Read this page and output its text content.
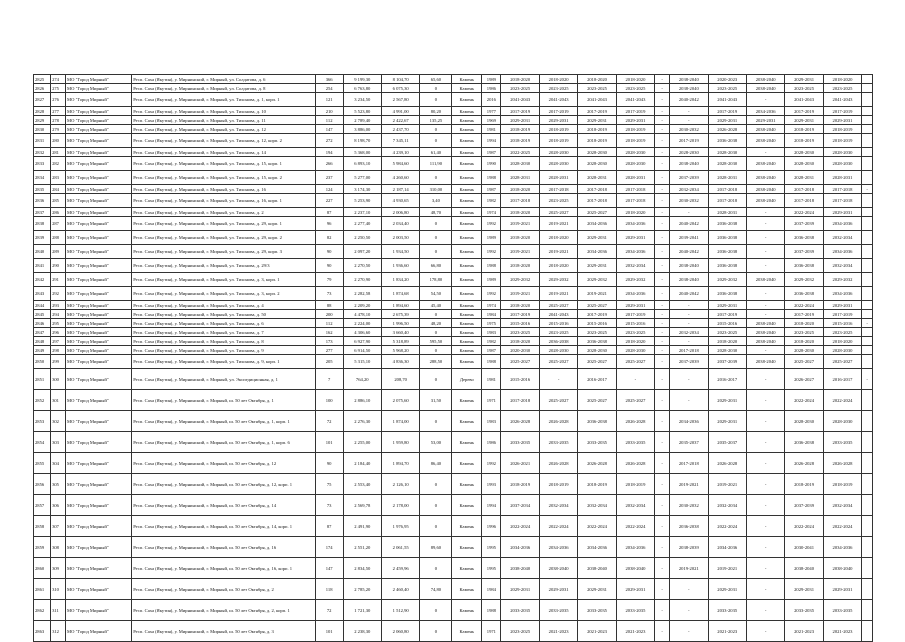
2825	274	МО "Город Мирный"	Респ. Саха (Якутия), у. Мирнинский, г. Мирный, ул. Солдатова, д. 6	366	9 199,30	8 104,70	65,60	Камень	1989	2018-2020	2018-2020	2018-2020	2018-2020	-	2038-2040	2020-2023	2038-2040	2029-2031	2018-2020	
2826	275	МО "Город Мирный"	Респ. Саха (Якутия), у. Мирнинский, г. Мирный, ул. Солдатова, д. 8	254	6 763,80	6 075,30	0	Камень	1986	2023-2025	2023-2025	2023-2025	2023-2025	-	2038-2040	2023-2025	2038-2040	2023-2025	2023-2025	
2827	276	МО "Город Мирный"	Респ. Саха (Якутия), у. Мирнинский, г. Мирный, ул. Тихонова, д. 1, корп. 1	121	3 234,50	2 567,80	0	Камень	2016	2041-2043	2041-2043	2041-2043	2041-2043	-	2040-2042	2041-2043	-	2041-2043	2041-2043	
2828	277	МО "Город Мирный"	Респ. Саха (Якутия), у. Мирнинский, г. Мирный, ул. Тихонова, д. 10	210	5 523,80	4 991,00	80,20	Камень	1977	2017-2019	2017-2019	2017-2019	2017-2019	-	-	2017-2019	2034-2036	2017-2019	2017-2019	
2829	278	МО "Город Мирный"	Респ. Саха (Якутия), у. Мирнинский, г. Мирный, ул. Тихонова, д. 11	112	2 789,40	2 422,67	135,25	Камень	1969	2029-2031	2029-2031	2029-2031	2029-2031	-	-	2029-2031	2029-2031	2029-2031	2029-2031	
2830	279	МО "Город Мирный"	Респ. Саха (Якутия), у. Мирнинский, г. Мирный, ул. Тихонова, д. 12	147	3 886,00	2 437,70	0	Камень	1981	2018-2019	2018-2019	2018-2019	2018-2019	-	2030-2032	2026-2028	2038-2040	2018-2019	2018-2019	
2831	280	МО "Город Мирный"	Респ. Саха (Якутия), у. Мирнинский, г. Мирный, ул. Тихонова, д. 12, корп. 2	272	8 198,70	7 345,11	0	Камень	1994	2018-2019	2018-2019	2018-2019	2018-2019	-	2017-2019	2036-2038	2038-2040	2018-2019	2018-2019	
2832	281	МО "Город Мирный"	Респ. Саха (Якутия), у. Мирнинский, г. Мирный, ул. Тихонова, д. 14	194	5 368,00	4 239,10	61,40	Камень	1987	2022-2025	2028-2030	2028-2030	2028-2030	-	2028-2030	2028-2030	-	2028-2030	2028-2030	
2833	282	МО "Город Мирный"	Респ. Саха (Якутия), у. Мирнинский, г. Мирный, ул. Тихонова, д. 15, корп. 1	266	6 893,10	5 984,60	111,90	Камень	1990	2028-2030	2028-2030	2028-2030	2028-2030	-	2038-2040	2028-2030	2038-2040	2028-2030	2028-2030	
2834	283	МО "Город Мирный"	Респ. Саха (Якутия), у. Мирнинский, г. Мирный, ул. Тихонова, д. 15, корп. 2	237	5 277,00	4 260,60	0	Камень	1988	2028-2031	2028-2031	2028-2031	2028-2031	-	2037-2039	2028-2031	2038-2040	2028-2031	2028-2031	
2835	284	МО "Город Мирный"	Респ. Саха (Якутия), у. Мирнинский, г. Мирный, ул. Тихонова, д. 16	124	3 174,30	2 187,14	310,00	Камень	1987	2018-2020	2017-2018	2017-2018	2017-2018	-	2032-2034	2017-2018	2038-2040	2017-2018	2017-2018	-
2836	285	МО "Город Мирный"	Респ. Саха (Якутия), у. Мирнинский, г. Мирный, ул. Тихонова, д. 16, корп. 1	227	5 253,90	4 930,65	3,40	Камень	1982	2017-2018	2023-2025	2017-2018	2017-2018	-	2030-2032	2017-2018	2038-2040	2017-2018	2017-2018	
2837	286	МО "Город Мирный"	Респ. Саха (Якутия), у. Мирнинский, г. Мирный, ул. Тихонова, д. 2	87	2 237,10	2 006,80	48,70	Камень	1974	2018-2020	2025-2027	2025-2027	2018-2020	-	-	2028-2031	-	2022-2024	2029-2031	
2838	287	МО "Город Мирный"	Респ. Саха (Якутия), у. Мирнинский, г. Мирный, ул. Тихонова, д. 29, корп. 1	96	2 277,40	2 034,40	0	Камень	1992	2019-2021	2019-2021	2034-2036	2034-2036	-	2040-2042	2036-2038	-	2037-2039	2034-2036	
2839	288	МО "Город Мирный"	Респ. Саха (Якутия), у. Мирнинский, г. Мирный, ул. Тихонова, д. 29, корп. 2	82	2 250,50	2 003,50	0	Камень	1989	2018-2020	2018-2020	2029-2031	2029-2031	-	2039-2041	2036-2038	-	2036-2038	2032-2034	
2840	289	МО "Город Мирный"	Респ. Саха (Якутия), у. Мирнинский, г. Мирный, ул. Тихонова, д. 29, корп. 3	90	2 097,20	1 934,50	0	Камень	1992	2019-2021	2019-2021	2034-2036	2034-2036	-	2040-2042	2036-2038	-	2037-2039	2034-2036	
2841	290	МО "Город Мирный"	Респ. Саха (Якутия), у. Мирнинский, г. Мирный, ул. Тихонова, д. 29/3	90	2 270,50	1 936,60	66,80	Камень	1988	2018-2020	2018-2020	2029-2031	2032-2034	-	2038-2040	2036-2038	-	2036-2038	2032-2034	
2842	291	МО "Город Мирный"	Респ. Саха (Якутия), у. Мирнинский, г. Мирный, ул. Тихонова, д. 3, корп. 1	79	2 270,90	1 834,20	178,80	Камень	1989	2029-2032	2029-2032	2029-2032	2029-2032	-	2038-2040	2029-2032	2038-2040	2029-2032	2029-2032	
2843	292	МО "Город Мирный"	Респ. Саха (Якутия), у. Мирнинский, г. Мирный, ул. Тихонова, д. 3, корп. 2	73	2 282,58	1 874,68	54,50	Камень	1992	2019-2021	2019-2021	2019-2021	2034-2036	-	2040-2042	2036-2038	-	2036-2038	2034-2036	
2844	293	МО "Город Мирный"	Респ. Саха (Якутия), у. Мирнинский, г. Мирный, ул. Тихонова, д. 4	88	2 209,20	1 894,60	45,40	Камень	1974	2018-2020	2025-2027	2025-2027	2029-2031	-	-	2029-2031	-	2022-2024	2029-2031	
2845	294	МО "Город Мирный"	Респ. Саха (Якутия), у. Мирнинский, г. Мирный, ул. Тихонова, д. 50	200	4 478,10	2 675,39	0	Камень	1984	2017-2019	2041-2043	2017-2019	2017-2019	-	-	2017-2019	-	2017-2019	2017-2019	
2846	295	МО "Город Мирный"	Респ. Саха (Якутия), у. Мирнинский, г. Мирный, ул. Тихонова, д. 6	112	2 224,00	1 996,50	48,20	Камень	1975	2015-2016	2015-2016	2015-2016	2015-2016	-	-	2015-2016	2038-2040	2018-2020	2015-2016	-
2847	296	МО "Город Мирный"	Респ. Саха (Якутия), у. Мирнинский, г. Мирный, ул. Тихонова, д. 7	162	4 306,60	3 660,40	0	Камень	1983	2023-2025	2023-2025	2023-2025	2023-2025	-	2032-2034	2023-2025	2038-2040	2023-2025	2023-2025	
2848	297	МО "Город Мирный"	Респ. Саха (Якутия), у. Мирнинский, г. Мирный, ул. Тихонова, д. 8	173	6 927,90	5 318,89	595,50	Камень	1982	2018-2020	2036-2038	2036-2038	2018-2020	-	-	2018-2020	2038-2040	2018-2020	2018-2020	
2849	298	МО "Город Мирный"	Респ. Саха (Якутия), у. Мирнинский, г. Мирный, ул. Тихонова, д. 9	277	6 914,50	5 968,20	0	Камень	1987	2020-2030	2028-2030	2028-2030	2028-2030	-	2017-2018	2028-2030	-	2028-2030	2028-2030	
2850	299	МО "Город Мирный"	Респ. Саха (Якутия), у. Мирнинский, г. Мирный, ул. Тихонова, д. 9, корп. 1	205	5 315,10	4 836,30	288,50	Камень	1988	2025-2027	2025-2027	2025-2027	2025-2027	-	2037-2039	2037-2039	2038-2040	2025-2027	2025-2027	
2851	300	МО "Город Мирный"	Респ. Саха (Якутия), у. Мирнинский, г. Мирный, ул. Экспедиционная, д. 1	7	764,20	208,70	0	Дерево	1981	2015-2016	-	2016-2017	-	-	-	2016-2017	-	2026-2027	2016-2017	-
2852	301	МО "Город Мирный"	Респ. Саха (Якутия), у. Мирнинский, г. Мирный, ш. 50 лет Октября, д. 1	100	2 886,10	2 075,60	31,50	Камень	1971	2017-2018	2025-2027	2025-2027	2025-2027	-	-	2029-2031	-	2022-2024	2022-2024	
2853	302	МО "Город Мирный"	Респ. Саха (Якутия), у. Мирнинский, г. Мирный, ш. 50 лет Октября, д. 1, корп. 1	72	2 276,30	1 874,00	0	Камень	1983	2026-2028	2026-2028	2036-2038	2026-2028	-	2034-2036	2029-2031	-	2028-2030	2028-2030	
2854	303	МО "Город Мирный"	Респ. Саха (Якутия), у. Мирнинский, г. Мирный, ш. 50 лет Октября, д. 1, корп. 6	101	2 255,00	1 959,80	53,00	Камень	1986	2033-2035	2033-2035	2033-2035	2033-2035	-	2035-2037	2035-2037	-	2036-2038	2033-2035	
2855	304	МО "Город Мирный"	Респ. Саха (Якутия), у. Мирнинский, г. Мирный, ш. 50 лет Октября, д. 12	90	2 184,40	1 894,70	86,40	Камень	1992	2026-2021	2026-2028	2026-2028	2026-2028	-	2017-2018	2026-2028	-	2026-2028	2026-2028	
2856	305	МО "Город Мирный"	Респ. Саха (Якутия), у. Мирнинский, г. Мирный, ш. 50 лет Октября, д. 12, корп. 1	75	2 553,40	2 126,10	0	Камень	1993	2018-2019	2018-2019	2018-2019	2018-2019	-	2019-2021	2019-2021	-	2018-2019	2018-2019	
2857	306	МО "Город Мирный"	Респ. Саха (Якутия), у. Мирнинский, г. Мирный, ш. 50 лет Октября, д. 14	73	2 569,78	2 178,00	0	Камень	1994	2037-2034	2032-2034	2032-2034	2032-2034	-	2030-2032	2032-2034	-	2037-2039	2032-2034	
2858	307	МО "Город Мирный"	Респ. Саха (Якутия), у. Мирнинский, г. Мирный, ш. 50 лет Октября, д. 14, корп. 1	87	2 491,90	1 976,95	0	Камень	1996	2022-2024	2022-2024	2022-2024	2022-2024	-	2036-2038	2022-2024	-	2022-2024	2022-2024	
2859	308	МО "Город Мирный"	Респ. Саха (Якутия), у. Мирнинский, г. Мирный, ш. 50 лет Октября, д. 16	174	2 551,20	2 061,55	89,60	Камень	1995	2034-2036	2034-2036	2034-2036	2034-2036	-	2038-2039	2034-2036	-	2030-2041	2034-2036	
2860	309	МО "Город Мирный"	Респ. Саха (Якутия), у. Мирнинский, г. Мирный, ш. 50 лет Октября, д. 16, корп. 1	147	2 834,50	2 459,96	0	Камень	1995	2038-2040	2038-2040	2038-2040	2038-2040	-	2019-2021	2019-2021	-	2038-2040	2038-2040	
2861	310	МО "Город Мирный"	Респ. Саха (Якутия), у. Мирнинский, г. Мирный, ш. 50 лет Октября, д. 2	118	2 785,20	2 460,40	74,80	Камень	1984	2029-2031	2029-2031	2029-2031	2029-2031	-	-	2029-2031	-	2029-2031	2029-2031	
2862	311	МО "Город Мирный"	Респ. Саха (Якутия), у. Мирнинский, г. Мирный, ш. 50 лет Октября, д. 2, корп. 1	72	1 721,30	1 512,90	0	Камень	1988	2033-2035	2033-2035	2033-2035	2033-2035	-	-	2033-2035	-	2033-2035	2033-2035	
2863	312	МО "Город Мирный"	Респ. Саха (Якутия), у. Мирнинский, г. Мирный, ш. 50 лет Октября, д. 3	101	2 238,30	2 060,80	0	Камень	1971	2023-2025	2021-2023	2021-2023	2021-2023	-	-	2021-2023	-	2021-2023	2021-2023	
